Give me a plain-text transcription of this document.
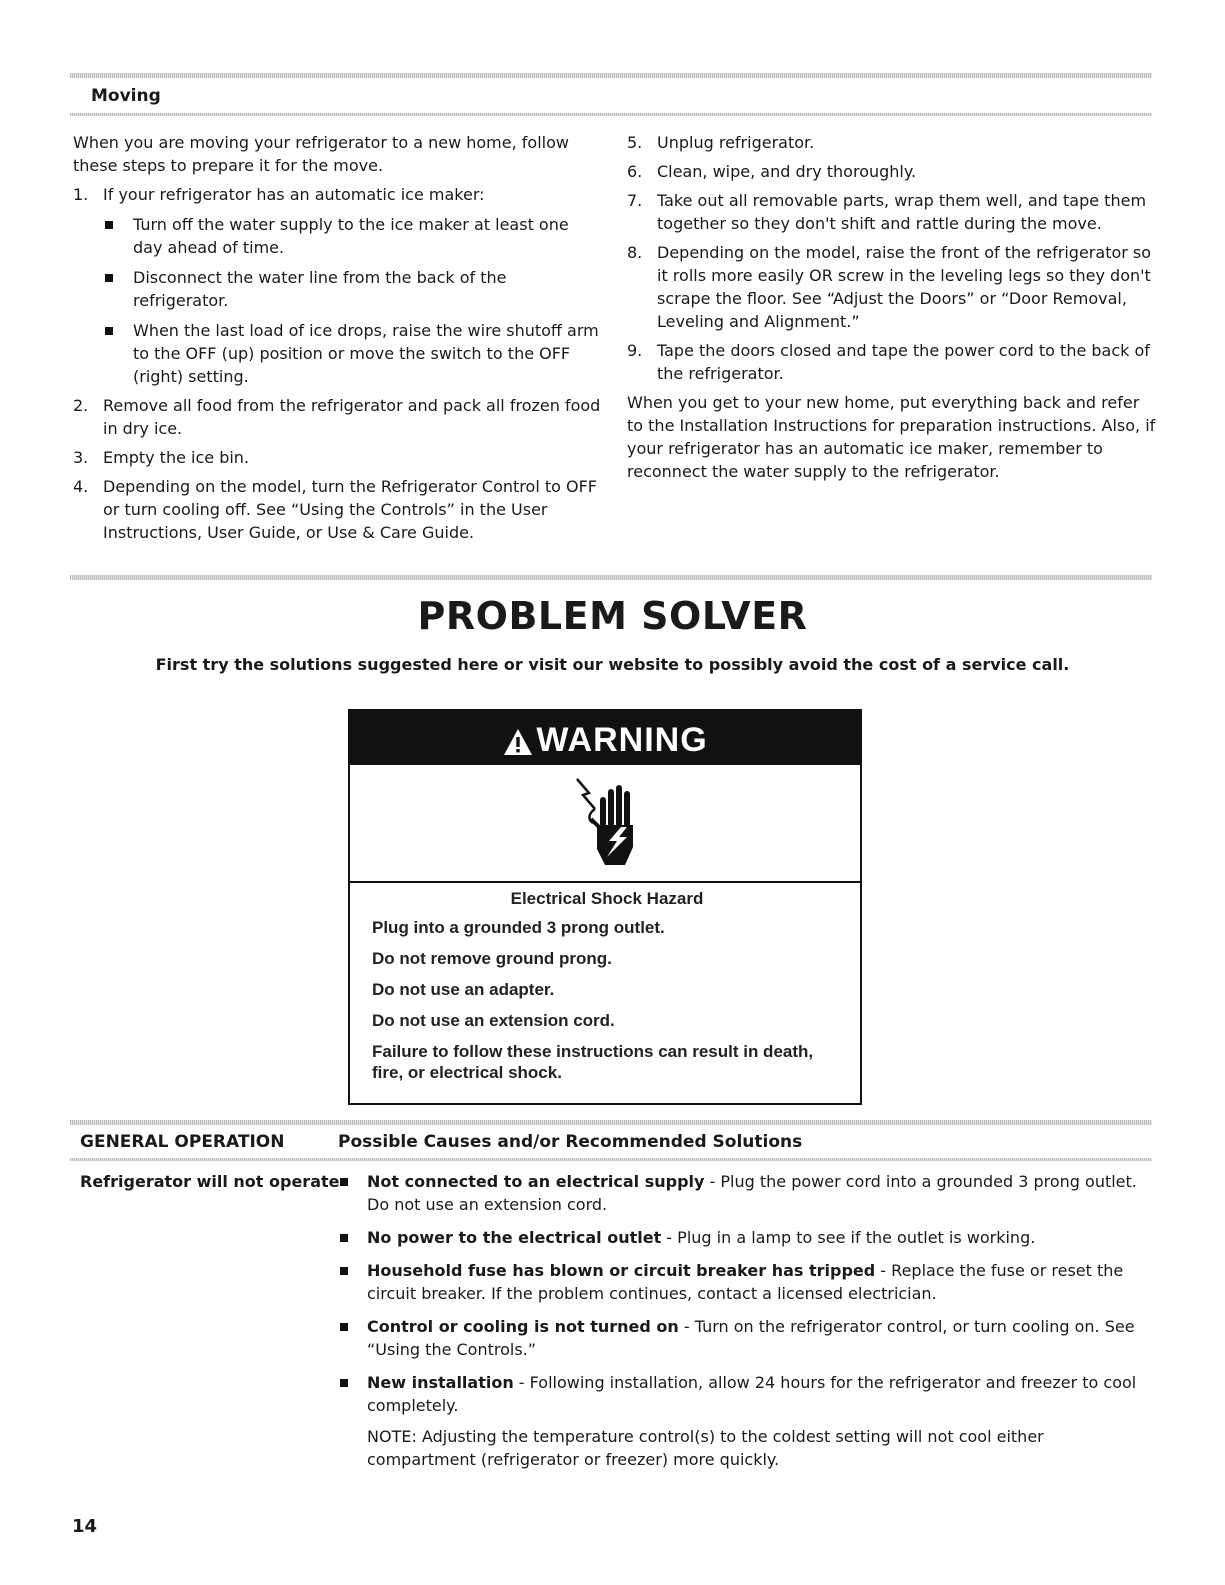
Moving

When you are moving your refrigerator to a new home, follow these steps to prepare it for the move.

1. If your refrigerator has an automatic ice maker:
Turn off the water supply to the ice maker at least one day ahead of time.
Disconnect the water line from the back of the refrigerator.
When the last load of ice drops, raise the wire shutoff arm to the OFF (up) position or move the switch to the OFF (right) setting.
2. Remove all food from the refrigerator and pack all frozen food in dry ice.
3. Empty the ice bin.
4. Depending on the model, turn the Refrigerator Control to OFF or turn cooling off. See “Using the Controls” in the User Instructions, User Guide, or Use & Care Guide.
5. Unplug refrigerator.
6. Clean, wipe, and dry thoroughly.
7. Take out all removable parts, wrap them well, and tape them together so they don't shift and rattle during the move.
8. Depending on the model, raise the front of the refrigerator so it rolls more easily OR screw in the leveling legs so they don't scrape the floor. See “Adjust the Doors” or “Door Removal, Leveling and Alignment.”
9. Tape the doors closed and tape the power cord to the back of the refrigerator.

When you get to your new home, put everything back and refer to the Installation Instructions for preparation instructions. Also, if your refrigerator has an automatic ice maker, remember to reconnect the water supply to the refrigerator.

PROBLEM SOLVER
First try the solutions suggested here or visit our website to possibly avoid the cost of a service call.
WARNING
Electrical Shock Hazard
Plug into a grounded 3 prong outlet.
Do not remove ground prong.
Do not use an adapter.
Do not use an extension cord.
Failure to follow these instructions can result in death, fire, or electrical shock.
GENERAL OPERATION	Possible Causes and/or Recommended Solutions
Refrigerator will not operate	Not connected to an electrical supply - Plug the power cord into a grounded 3 prong outlet. Do not use an extension cord.
No power to the electrical outlet - Plug in a lamp to see if the outlet is working.
Household fuse has blown or circuit breaker has tripped - Replace the fuse or reset the circuit breaker. If the problem continues, contact a licensed electrician.
Control or cooling is not turned on - Turn on the refrigerator control, or turn cooling on. See “Using the Controls.”
New installation - Following installation, allow 24 hours for the refrigerator and freezer to cool completely.
NOTE: Adjusting the temperature control(s) to the coldest setting will not cool either compartment (refrigerator or freezer) more quickly.
14
